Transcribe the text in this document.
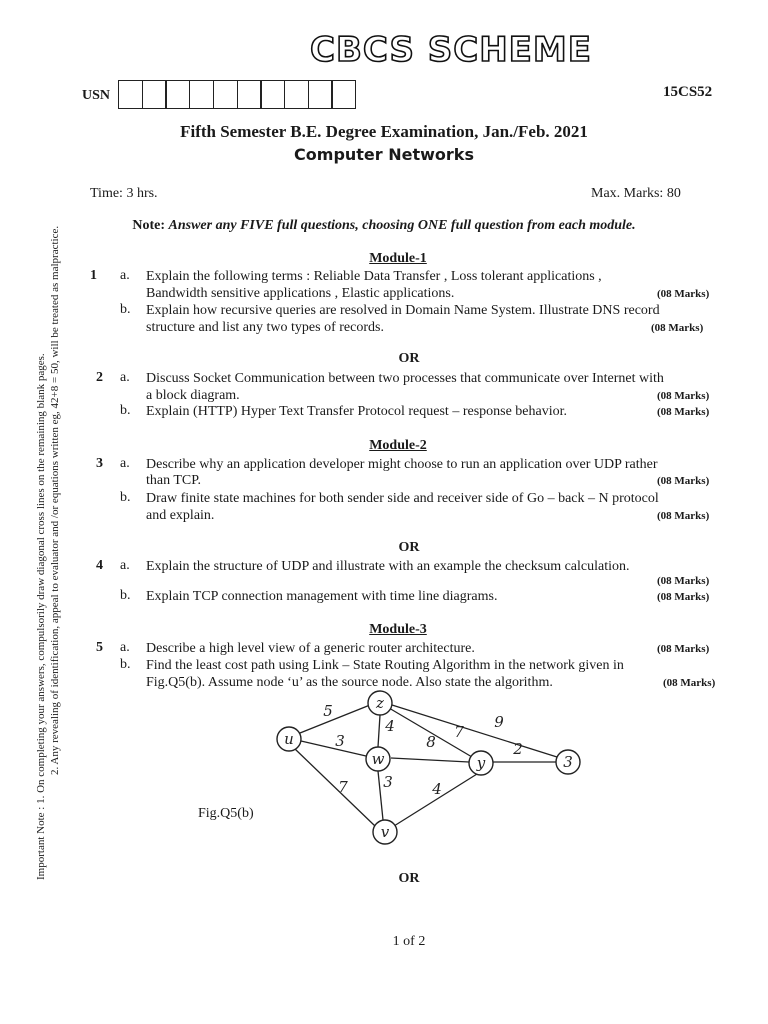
Important Note : 1. On completing your answers, compulsorily draw diagonal cross lines on the remaining blank pages. 2. Any revealing of identification, appeal to evaluator and /or equations written eg, 42+8 = 50, will be treated as malpractice.
CBCS SCHEME
USN	15CS52
Fifth Semester B.E. Degree Examination, Jan./Feb. 2021
Computer Networks
Time: 3 hrs.	Max. Marks: 80
Note: Answer any FIVE full questions, choosing ONE full question from each module.
Module-1
1 a. Explain the following terms : Reliable Data Transfer , Loss tolerant applications ,
Bandwidth sensitive applications , Elastic applications.	(08 Marks)
b. Explain how recursive queries are resolved in Domain Name System. Illustrate DNS record
structure and list any two types of records.	(08 Marks)
OR
2 a. Discuss Socket Communication between two processes that communicate over Internet with
a block diagram.	(08 Marks)
b. Explain (HTTP) Hyper Text Transfer Protocol request – response behavior.	(08 Marks)
Module-2
3 a. Describe why an application developer might choose to run an application over UDP rather
than TCP.	(08 Marks)
b. Draw finite state machines for both sender side and receiver side of Go – back – N protocol
and explain.	(08 Marks)
OR
4 a. Explain the structure of UDP and illustrate with an example the checksum calculation.
(08 Marks)
b. Explain TCP connection management with time line diagrams.	(08 Marks)
Module-3
5 a. Describe a high level view of a generic router architecture.	(08 Marks)
b. Find the least cost path using Link – State Routing Algorithm in the network given in
Fig.Q5(b). Assume node ‘u’ as the source node. Also state the algorithm.	(08 Marks)
z
u
w	y	3
v
5
4
3	7
9
8	2
7 3	4
Fig.Q5(b)
OR
1 of 2
